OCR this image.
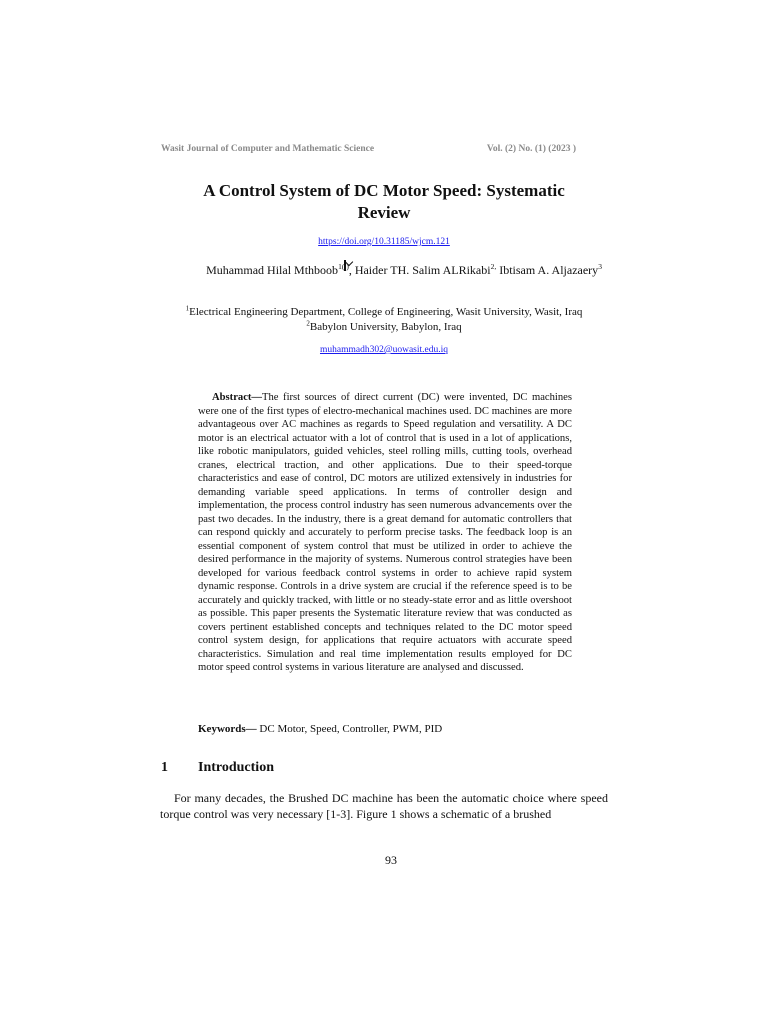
Wasit Journal of Computer and Mathematic Science	Vol. (2) No. (1) (2023 )
A Control System of DC Motor Speed: Systematic
Review
https://doi.org/10.31185/wjcm.121
Muhammad Hilal Mthboob$^{1( )}$, Haider TH. Salim ALRikabi$^{2,}$ Ibtisam A. Aljazaery$^3$
$^1$Electrical Engineering Department, College of Engineering, Wasit University, Wasit, Iraq
$^2$Babylon University, Babylon, Iraq
muhammadh302@uowasit.edu.iq

Abstract—The first sources of direct current (DC) were invented, DC machines were one of the first types of electro-mechanical machines used. DC machines are more advantageous over AC machines as regards to Speed regulation and versatility. A DC motor is an electrical actuator with a lot of control that is used in a lot of applications, like robotic manipulators, guided vehicles, steel rolling mills, cutting tools, overhead cranes, electrical traction, and other applications. Due to their speed-torque characteristics and ease of control, DC motors are utilized extensively in industries for demanding variable speed applications. In terms of controller design and implementation, the process control industry has seen numerous advancements over the past two decades. In the industry, there is a great demand for automatic controllers that can respond quickly and accurately to perform precise tasks. The feedback loop is an essential component of system control that must be utilized in order to achieve the desired performance in the majority of systems. Numerous control strategies have been developed for various feedback control systems in order to achieve rapid system dynamic response. Controls in a drive system are crucial if the reference speed is to be accurately and quickly tracked, with little or no steady-state error and as little overshoot as possible. This paper presents the Systematic literature review that was conducted as covers pertinent established concepts and techniques related to the DC motor speed control system design, for applications that require actuators with accurate speed characteristics. Simulation and real time implementation results employed for DC motor speed control systems in various literature are analysed and discussed.

Keywords— DC Motor, Speed, Controller, PWM, PID
1 Introduction

For many decades, the Brushed DC machine has been the automatic choice where speed torque control was very necessary [1-3]. Figure 1 shows a schematic of a brushed

93
